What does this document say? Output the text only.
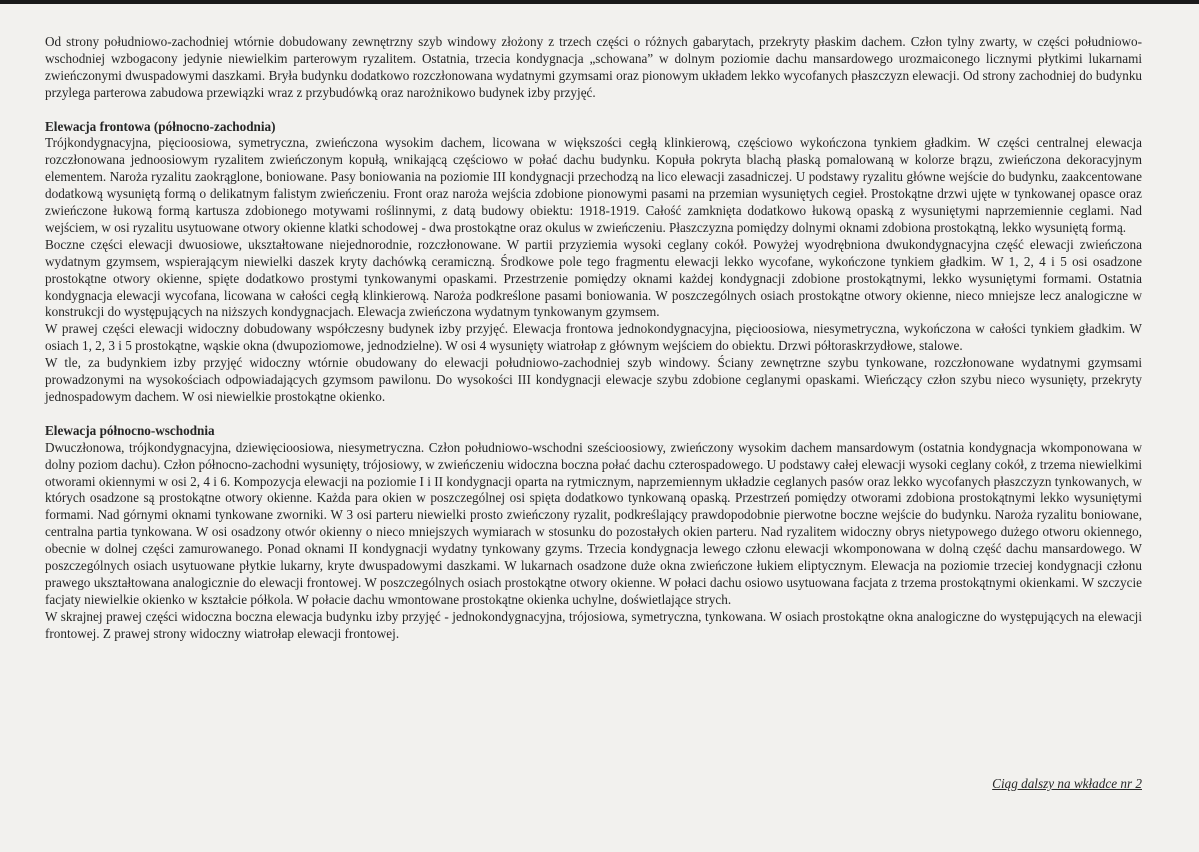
Od strony południowo-zachodniej wtórnie dobudowany zewnętrzny szyb windowy złożony z trzech części o różnych gabarytach, przekryty płaskim dachem. Człon tylny zwarty, w części południowo-wschodniej wzbogacony jedynie niewielkim parterowym ryzalitem. Ostatnia, trzecia kondygnacja „schowana” w dolnym poziomie dachu mansardowego urozmaiconego licznymi płytkimi lukarnami zwieńczonymi dwuspadowymi daszkami. Bryła budynku dodatkowo rozczłonowana wydatnymi gzymsami oraz pionowym układem lekko wycofanych płaszczyzn elewacji. Od strony zachodniej do budynku przylega parterowa zabudowa przewiązki wraz z przybudówką oraz narożnikowo budynek izby przyjęć.

Elewacja frontowa (północno-zachodnia)

Trójkondygnacyjna, pięcioosiowa, symetryczna, zwieńczona wysokim dachem, licowana w większości cegłą klinkierową, częściowo wykończona tynkiem gładkim. W części centralnej elewacja rozczłonowana jednoosiowym ryzalitem zwieńczonym kopułą, wnikającą częściowo w połać dachu budynku. Kopuła pokryta blachą płaską pomalowaną w kolorze brązu, zwieńczona dekoracyjnym elementem. Naroża ryzalitu zaokrąglone, boniowane. Pasy boniowania na poziomie III kondygnacji przechodzą na lico elewacji zasadniczej. U podstawy ryzalitu główne wejście do budynku, zaakcentowane dodatkową wysuniętą formą o delikatnym falistym zwieńczeniu. Front oraz naroża wejścia zdobione pionowymi pasami na przemian wysuniętych cegieł. Prostokątne drzwi ujęte w tynkowanej opasce oraz zwieńczone łukową formą kartusza zdobionego motywami roślinnymi, z datą budowy obiektu: 1918-1919. Całość zamknięta dodatkowo łukową opaską z wysuniętymi naprzemiennie ceglami. Nad wejściem, w osi ryzalitu usytuowane otwory okienne klatki schodowej - dwa prostokątne oraz okulus w zwieńczeniu. Płaszczyzna pomiędzy dolnymi oknami zdobiona prostokątną, lekko wysuniętą formą.

Boczne części elewacji dwuosiowe, ukształtowane niejednorodnie, rozczłonowane. W partii przyziemia wysoki ceglany cokół. Powyżej wyodrębniona dwukondygnacyjna część elewacji zwieńczona wydatnym gzymsem, wspierającym niewielki daszek kryty dachówką ceramiczną. Środkowe pole tego fragmentu elewacji lekko wycofane, wykończone tynkiem gładkim. W 1, 2, 4 i 5 osi osadzone prostokątne otwory okienne, spięte dodatkowo prostymi tynkowanymi opaskami. Przestrzenie pomiędzy oknami każdej kondygnacji zdobione prostokątnymi, lekko wysuniętymi formami. Ostatnia kondygnacja elewacji wycofana, licowana w całości cegłą klinkierową. Naroża podkreślone pasami boniowania. W poszczególnych osiach prostokątne otwory okienne, nieco mniejsze lecz analogiczne w konstrukcji do występujących na niższych kondygnacjach. Elewacja zwieńczona wydatnym tynkowanym gzymsem.

W prawej części elewacji widoczny dobudowany współczesny budynek izby przyjęć. Elewacja frontowa jednokondygnacyjna, pięcioosiowa, niesymetryczna, wykończona w całości tynkiem gładkim. W osiach 1, 2, 3 i 5 prostokątne, wąskie okna (dwupoziomowe, jednodzielne). W osi 4 wysunięty wiatrołap z głównym wejściem do obiektu. Drzwi półtoraskrzydłowe, stalowe.

W tle, za budynkiem izby przyjęć widoczny wtórnie obudowany do elewacji południowo-zachodniej szyb windowy. Ściany zewnętrzne szybu tynkowane, rozczłonowane wydatnymi gzymsami prowadzonymi na wysokościach odpowiadających gzymsom pawilonu. Do wysokości III kondygnacji elewacje szybu zdobione ceglanymi opaskami. Wieńczący człon szybu nieco wysunięty, przekryty jednospadowym dachem. W osi niewielkie prostokątne okienko.

Elewacja północno-wschodnia

Dwuczłonowa, trójkondygnacyjna, dziewięcioosiowa, niesymetryczna. Człon południowo-wschodni sześcioosiowy, zwieńczony wysokim dachem mansardowym (ostatnia kondygnacja wkomponowana w dolny poziom dachu). Człon północno-zachodni wysunięty, trójosiowy, w zwieńczeniu widoczna boczna połać dachu czterospadowego. U podstawy całej elewacji wysoki ceglany cokół, z trzema niewielkimi otworami okiennymi w osi 2, 4 i 6. Kompozycja elewacji na poziomie I i II kondygnacji oparta na rytmicznym, naprzemiennym układzie ceglanych pasów oraz lekko wycofanych płaszczyzn tynkowanych, w których osadzone są prostokątne otwory okienne. Każda para okien w poszczególnej osi spięta dodatkowo tynkowaną opaską. Przestrzeń pomiędzy otworami zdobiona prostokątnymi lekko wysuniętymi formami. Nad górnymi oknami tynkowane zworniki. W 3 osi parteru niewielki prosto zwieńczony ryzalit, podkreślający prawdopodobnie pierwotne boczne wejście do budynku. Naroża ryzalitu boniowane, centralna partia tynkowana. W osi osadzony otwór okienny o nieco mniejszych wymiarach w stosunku do pozostałych okien parteru. Nad ryzalitem widoczny obrys nietypowego dużego otworu okiennego, obecnie w dolnej części zamurowanego. Ponad oknami II kondygnacji wydatny tynkowany gzyms. Trzecia kondygnacja lewego członu elewacji wkomponowana w dolną część dachu mansardowego. W poszczególnych osiach usytuowane płytkie lukarny, kryte dwuspadowymi daszkami. W lukarnach osadzone duże okna zwieńczone łukiem eliptycznym. Elewacja na poziomie trzeciej kondygnacji członu prawego ukształtowana analogicznie do elewacji frontowej. W poszczególnych osiach prostokątne otwory okienne. W połaci dachu osiowo usytuowana facjata z trzema prostokątnymi okienkami. W szczycie facjaty niewielkie okienko w kształcie półkola. W połacie dachu wmontowane prostokątne okienka uchylne, doświetlające strych.

W skrajnej prawej części widoczna boczna elewacja budynku izby przyjęć - jednokondygnacyjna, trójosiowa, symetryczna, tynkowana. W osiach prostokątne okna analogiczne do występujących na elewacji frontowej. Z prawej strony widoczny wiatrołap elewacji frontowej.

Ciąg dalszy na wkładce nr 2
